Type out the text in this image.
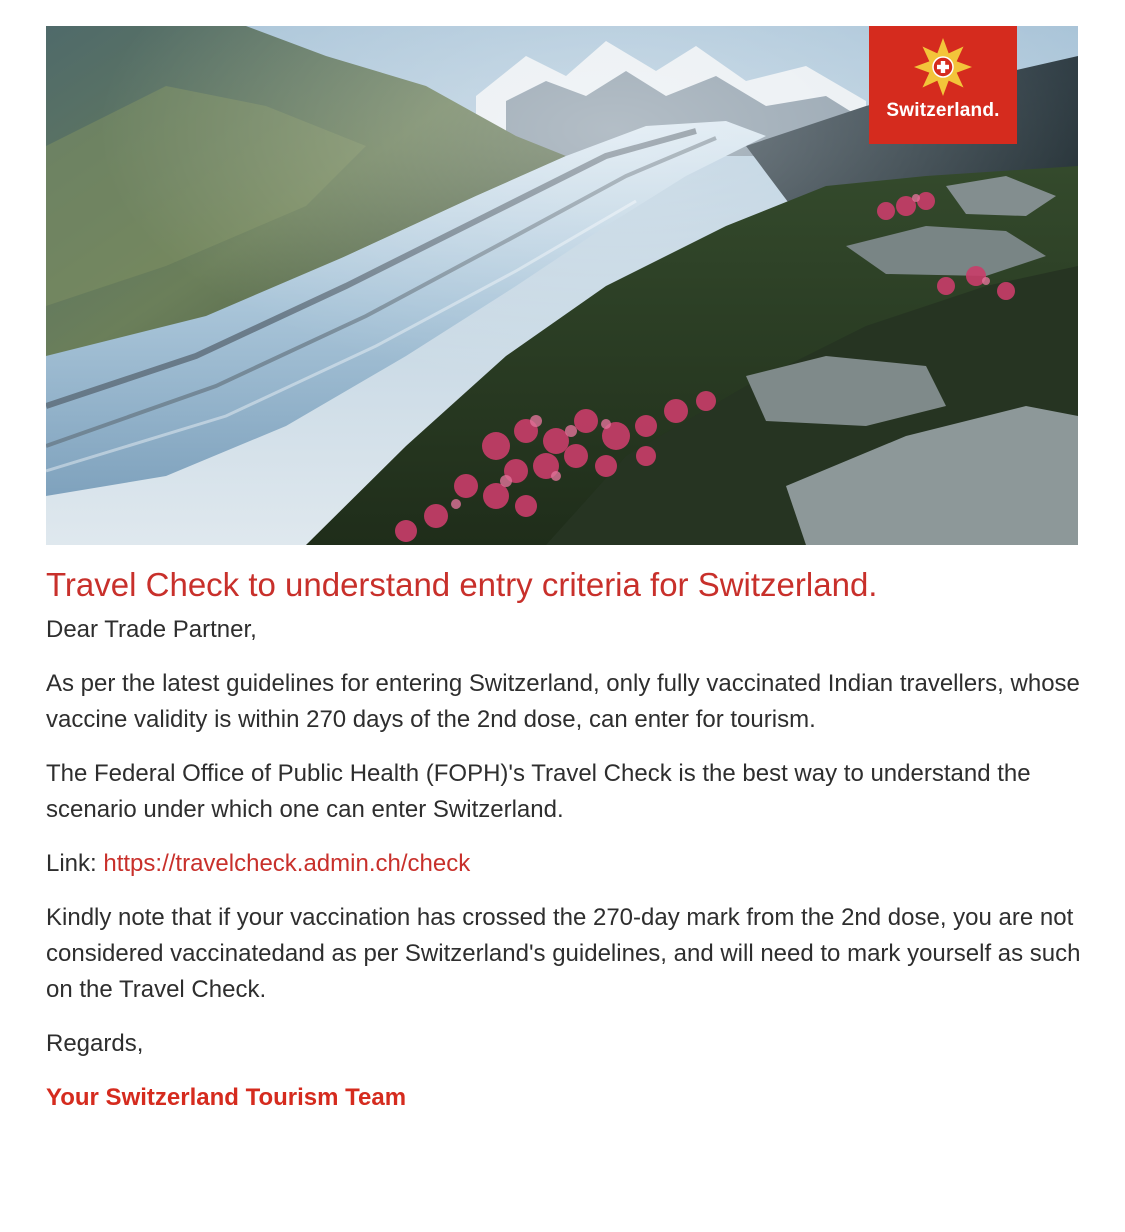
Switzerland.
Travel Check to understand entry criteria for Switzerland.

Dear Trade Partner,

As per the latest guidelines for entering Switzerland, only fully vaccinated Indian travellers, whose vaccine validity is within 270 days of the 2nd dose, can enter for tourism.

The Federal Office of Public Health (FOPH)'s Travel Check is the best way to understand the scenario under which one can enter Switzerland.

Link: https://travelcheck.admin.ch/check

Kindly note that if your vaccination has crossed the 270-day mark from the 2nd dose, you are not considered vaccinatedand as per Switzerland's guidelines, and will need to mark yourself as such on the Travel Check.

Regards,

Your Switzerland Tourism Team
